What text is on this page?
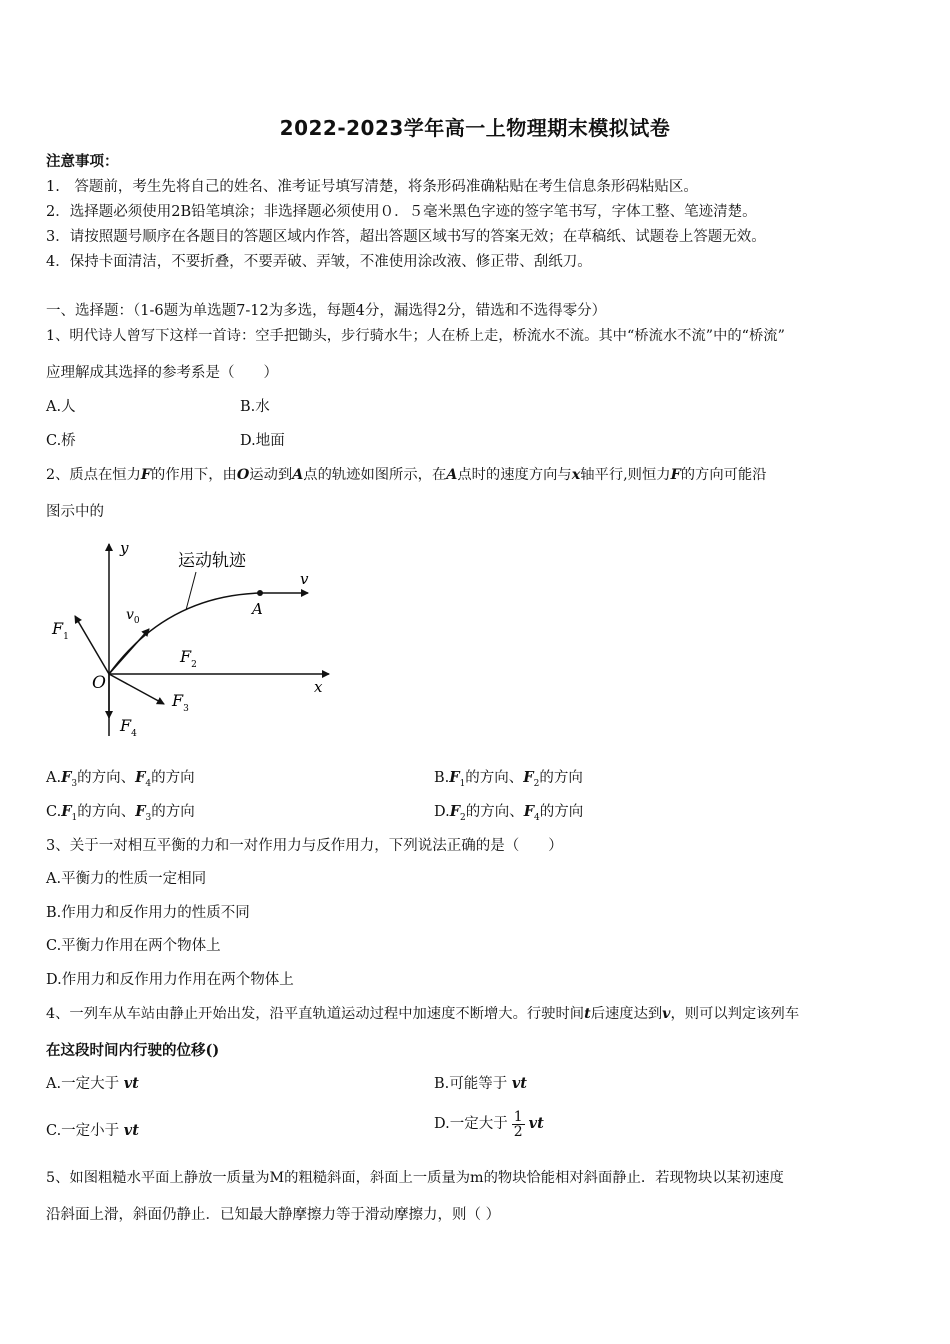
2022-2023学年高一上物理期末模拟试卷
注意事项：
1.　答题前，考生先将自己的姓名、准考证号填写清楚，将条形码准确粘贴在考生信息条形码粘贴区。
2．选择题必须使用2B铅笔填涂；非选择题必须使用０．５毫米黑色字迹的签字笔书写，字体工整、笔迹清楚。
3．请按照题号顺序在各题目的答题区域内作答，超出答题区域书写的答案无效；在草稿纸、试题卷上答题无效。
4．保持卡面清洁，不要折叠，不要弄破、弄皱，不准使用涂改液、修正带、刮纸刀。
一、选择题：（1-6题为单选题7-12为多选，每题4分，漏选得2分，错选和不选得零分）
1、明代诗人曾写下这样一首诗：空手把锄头，步行骑水牛；人在桥上走，桥流水不流。其中“桥流水不流”中的“桥流”
应理解成其选择的参考系是（　　）
A.人	B.水
C.桥	D.地面
2、质点在恒力F的作用下，由O运动到A点的轨迹如图所示，在A点时的速度方向与x轴平行,则恒力F的方向可能沿
图示中的
运动轨迹
y
x
O
A
v
$v_0$
$F_1$
$F_2$
$F_3$
$F_4$
$A.F_3$的方向、$F_4$的方向	$B.F_1$的方向、$F_2$的方向
$C.F_1$的方向、$F_3$的方向	$D.F_2$的方向、$F_4$的方向
3、关于一对相互平衡的力和一对作用力与反作用力，下列说法正确的是（　　）
A.平衡力的性质一定相同
B.作用力和反作用力的性质不同
C.平衡力作用在两个物体上
D.作用力和反作用力作用在两个物体上
4、一列车从车站由静止开始出发，沿平直轨道运动过程中加速度不断增大。行驶时间t后速度达到v，则可以判定该列车
在这段时间内行驶的位移()
A.一定大于 vt	B.可能等于 vt
C.一定小于 vt	D.一定大于 $\frac{1}{2}$ vt
5、如图粗糙水平面上静放一质量为M的粗糙斜面，斜面上一质量为m的物块恰能相对斜面静止．若现物块以某初速度
沿斜面上滑，斜面仍静止．已知最大静摩擦力等于滑动摩擦力，则（ ）
